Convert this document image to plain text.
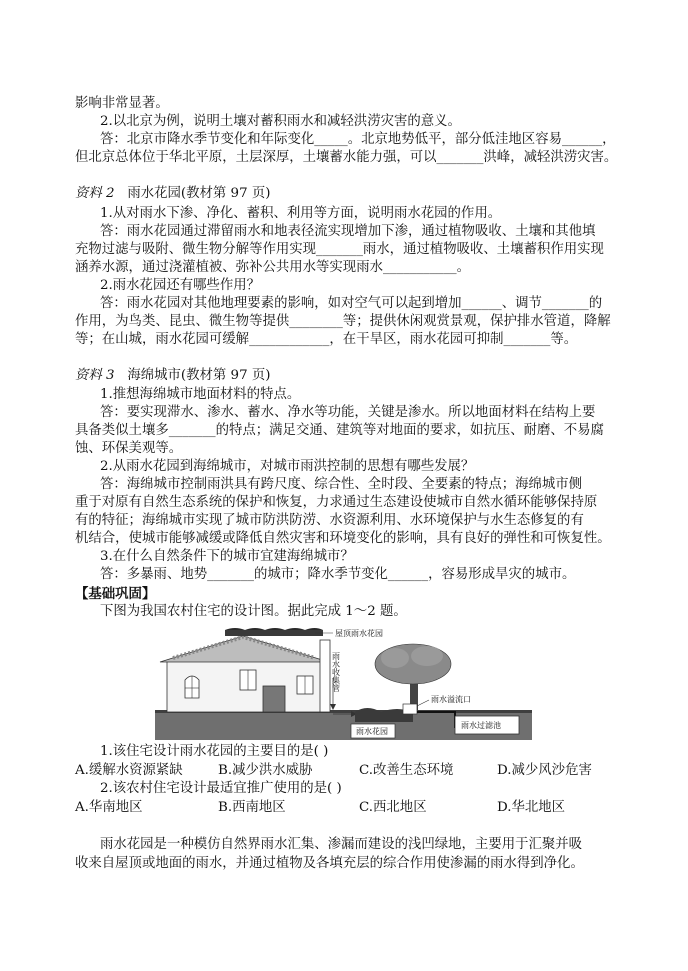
影响非常显著。
2.以北京为例，说明土壤对蓄积雨水和减轻洪涝灾害的意义。
答：北京市降水季节变化和年际变化_____。北京地势低平，部分低洼地区容易______，
但北京总体位于华北平原，土层深厚，土壤蓄水能力强，可以_______洪峰，减轻洪涝灾害。
资料 2 雨水花园(教材第 97 页)
1.从对雨水下渗、净化、蓄积、利用等方面，说明雨水花园的作用。
答：雨水花园通过滞留雨水和地表径流实现增加下渗，通过植物吸收、土壤和其他填
充物过滤与吸附、微生物分解等作用实现_______雨水，通过植物吸收、土壤蓄积作用实现
涵养水源，通过浇灌植被、弥补公共用水等实现雨水___________。
2.雨水花园还有哪些作用？
答：雨水花园对其他地理要素的影响，如对空气可以起到增加______、调节_______的
作用，为鸟类、昆虫、微生物等提供________等；提供休闲观赏景观，保护排水管道，降解
等；在山城，雨水花园可缓解____________，在干旱区，雨水花园可抑制_______等。
资料 3 海绵城市(教材第 97 页)
1.推想海绵城市地面材料的特点。
答：要实现滞水、渗水、蓄水、净水等功能，关键是渗水。所以地面材料在结构上要
具备类似土壤多_______的特点；满足交通、建筑等对地面的要求，如抗压、耐磨、不易腐
蚀、环保美观等。
2.从雨水花园到海绵城市，对城市雨洪控制的思想有哪些发展？
答：海绵城市控制雨洪具有跨尺度、综合性、全时段、全要素的特点；海绵城市侧
重于对原有自然生态系统的保护和恢复，力求通过生态建设使城市自然水循环能够保持原
有的特征；海绵城市实现了城市防洪防涝、水资源利用、水环境保护与水生态修复的有
机结合，使城市能够减缓或降低自然灾害和环境变化的影响，具有良好的弹性和可恢复性。
3.在什么自然条件下的城市宜建海绵城市？
答：多暴雨、地势_______的城市；降水季节变化______，容易形成旱灾的城市。
【基础巩固】
下图为我国农村住宅的设计图。据此完成 1～2 题。
屋顶雨水花园
雨水收集管
雨水溢流口
雨水过滤池
雨水花园
1.该住宅设计雨水花园的主要目的是( )
A.缓解水资源紧缺	B.减少洪水威胁	C.改善生态环境	D.减少风沙危害
2.该农村住宅设计最适宜推广使用的是( )
A.华南地区	B.西南地区	C.西北地区	D.华北地区
雨水花园是一种模仿自然界雨水汇集、渗漏而建设的浅凹绿地，主要用于汇聚并吸
收来自屋顶或地面的雨水，并通过植物及各填充层的综合作用使渗漏的雨水得到净化。
